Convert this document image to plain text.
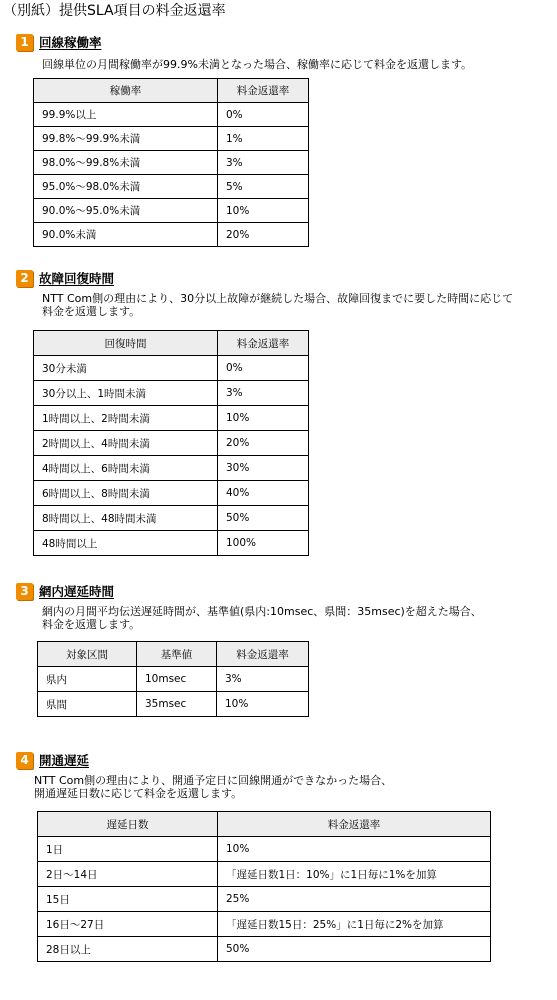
（別紙）提供SLA項目の料金返還率
1 回線稼働率
回線単位の月間稼働率が99.9%未満となった場合、稼働率に応じて料金を返還します。
稼働率	料金返還率
99.9%以上	0%
99.8%～99.9%未満	1%
98.0%～99.8%未満	3%
95.0%～98.0%未満	5%
90.0%～95.0%未満	10%
90.0%未満	20%
2 故障回復時間
NTT Com側の理由により、30分以上故障が継続した場合、故障回復までに要した時間に応じて
料金を返還します。
回復時間	料金返還率
30分未満	0%
30分以上、1時間未満	3%
1時間以上、2時間未満	10%
2時間以上、4時間未満	20%
4時間以上、6時間未満	30%
6時間以上、8時間未満	40%
8時間以上、48時間未満	50%
48時間以上	100%
3 網内遅延時間
網内の月間平均伝送遅延時間が、基準値(県内:10msec、県間：35msec)を超えた場合、
料金を返還します。
対象区間	基準値	料金返還率
県内	10msec	3%
県間	35msec	10%
4 開通遅延
NTT Com側の理由により、開通予定日に回線開通ができなかった場合、
開通遅延日数に応じて料金を返還します。
遅延日数	料金返還率
1日	10%
2日～14日	「遅延日数1日：10%」に1日毎に1%を加算
15日	25%
16日～27日	「遅延日数15日：25%」に1日毎に2%を加算
28日以上	50%
